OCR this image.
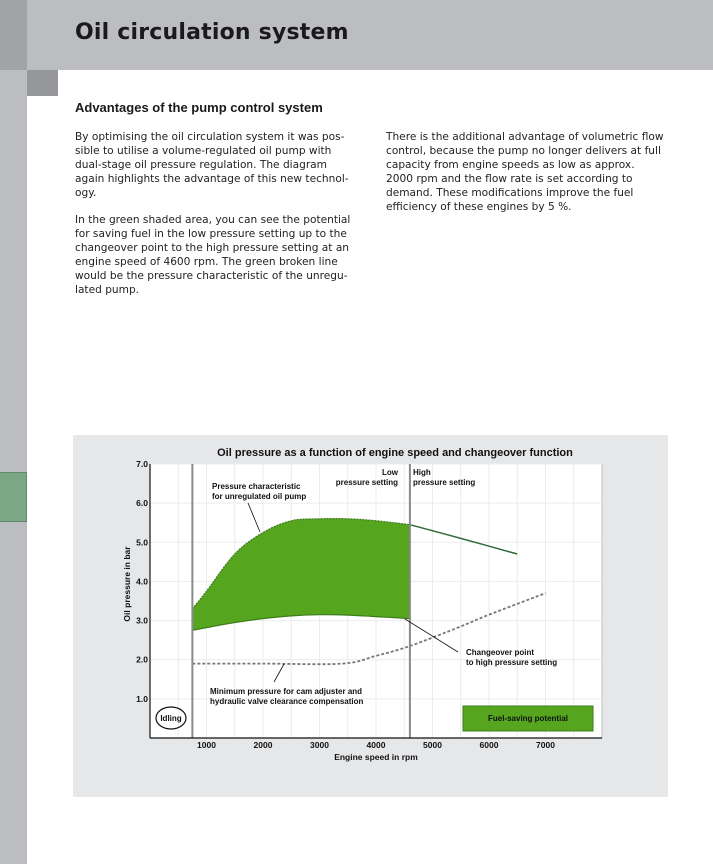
Oil circulation system
Advantages of the pump control system

By optimising the oil circulation system it was pos-
sible to utilise a volume-regulated oil pump with
dual-stage oil pressure regulation. The diagram
again highlights the advantage of this new technol-
ogy.

In the green shaded area, you can see the potential
for saving fuel in the low pressure setting up to the
changeover point to the high pressure setting at an
engine speed of 4600 rpm. The green broken line
would be the pressure characteristic of the unregu-
lated pump.

There is the additional advantage of volumetric flow
control, because the pump no longer delivers at full
capacity from engine speeds as low as approx.
2000 rpm and the flow rate is set according to
demand. These modifications improve the fuel
efficiency of these engines by 5 %.

Oil pressure as a function of engine speed and changeover function
1000	2000	3000	4000	5000	6000	7000
1.0
2.0
3.0
4.0
5.0
6.0
7.0
Pressure characteristic
for unregulated oil pump
Low
pressure setting
High
pressure setting
Changeover point
to high pressure setting
Minimum pressure for cam adjuster and
hydraulic valve clearance compensation
Idling	Fuel-saving potential
Engine speed in rpm
Oil pressure in bar
